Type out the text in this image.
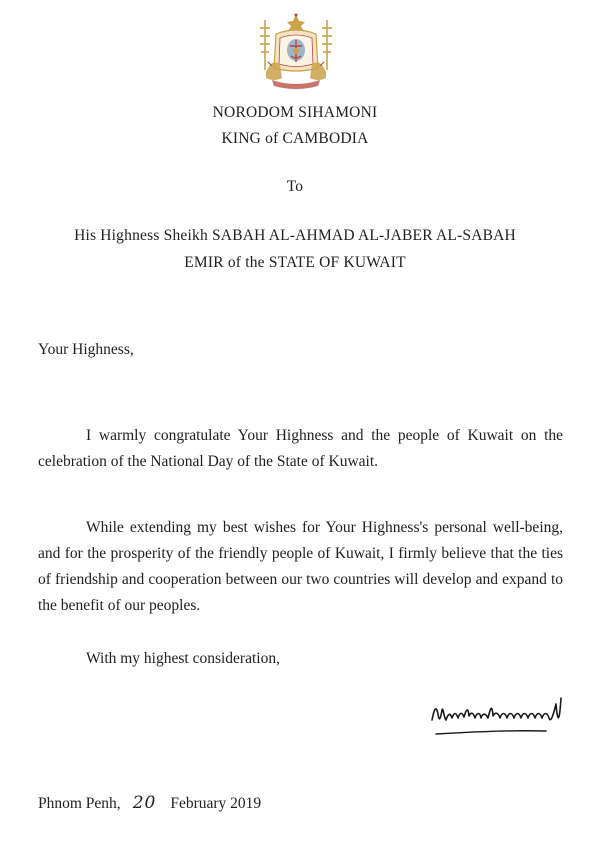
NORODOM SIHAMONI
KING of CAMBODIA
To
His Highness Sheikh SABAH AL-AHMAD AL-JABER AL-SABAH
EMIR of the STATE OF KUWAIT
Your Highness,
I warmly congratulate Your Highness and the people of Kuwait on the celebration of the National Day of the State of Kuwait.
While extending my best wishes for Your Highness's personal well-being, and for the prosperity of the friendly people of Kuwait, I firmly believe that the ties of friendship and cooperation between our two countries will develop and expand to the benefit of our peoples.
With my highest consideration,
Phnom Penh, 20 February 2019
